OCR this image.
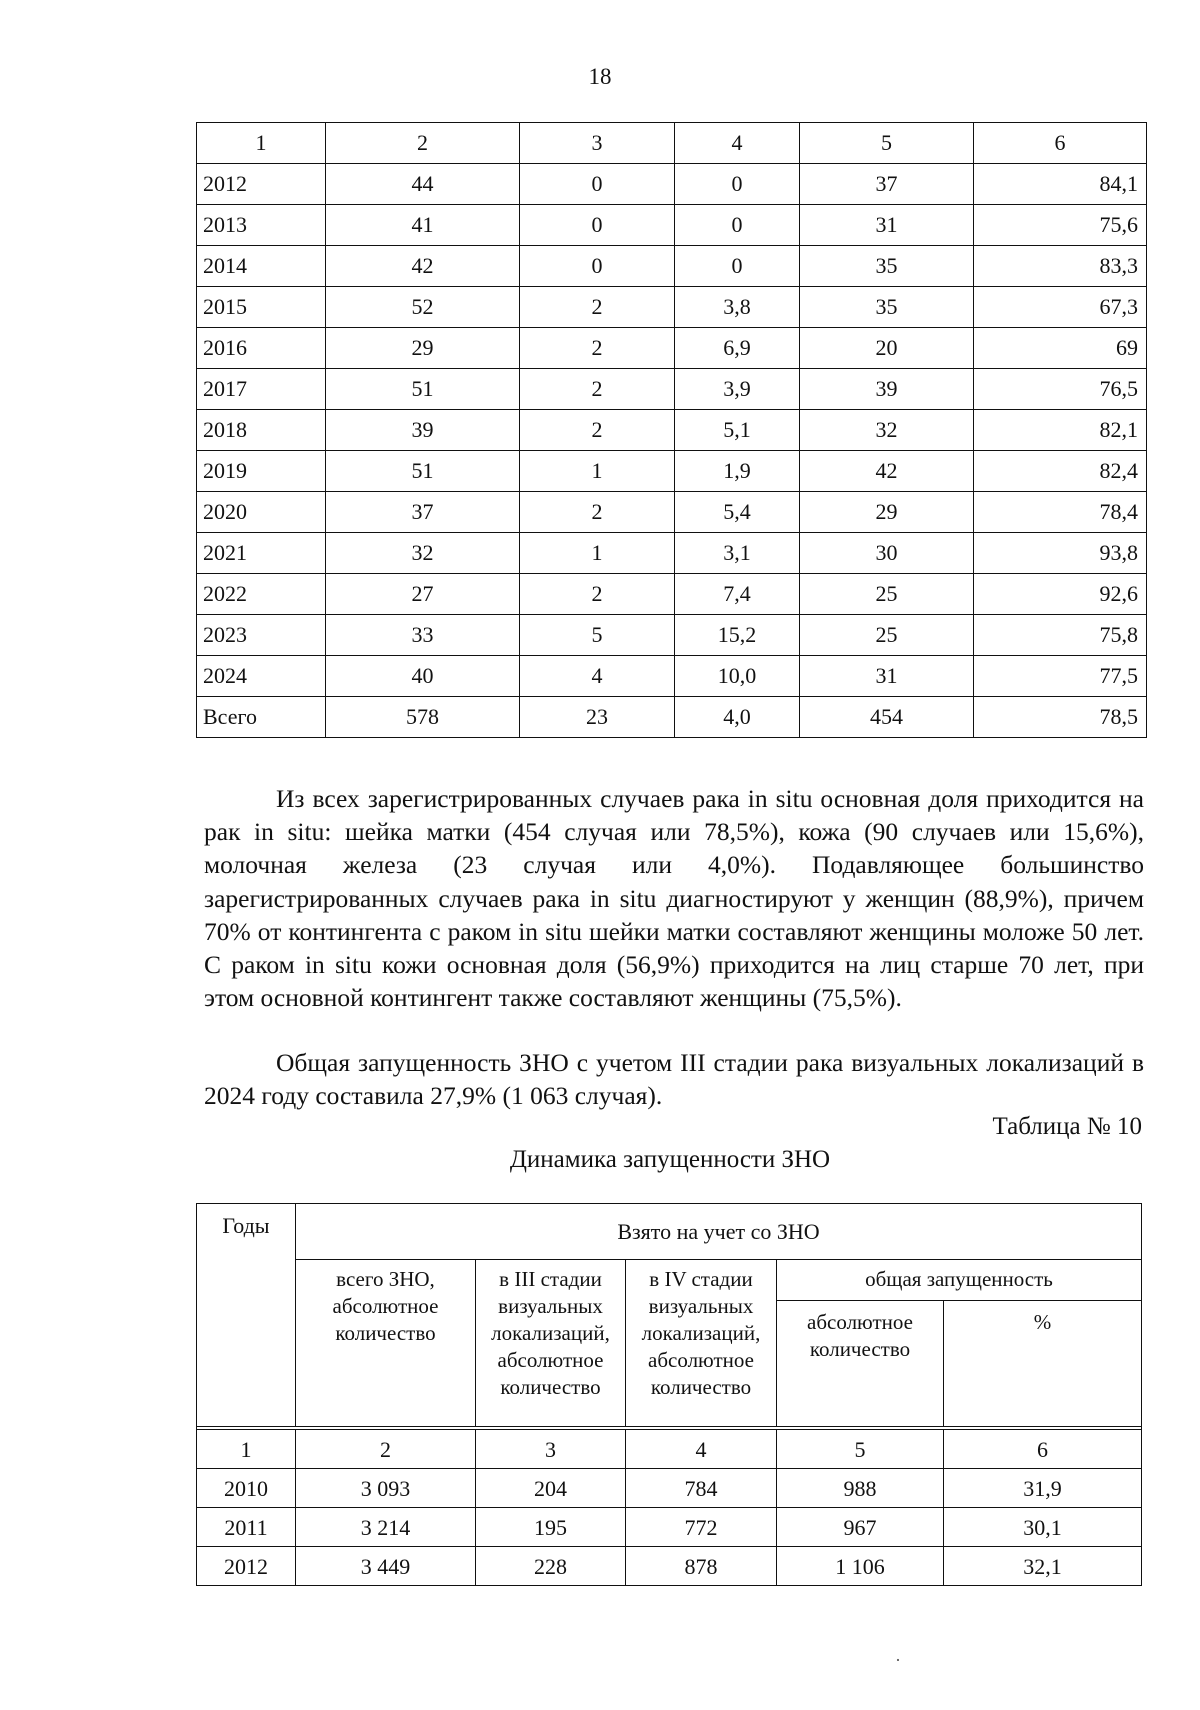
18
1	2	3	4	5	6
2012	44	0	0	37	84,1
2013	41	0	0	31	75,6
2014	42	0	0	35	83,3
2015	52	2	3,8	35	67,3
2016	29	2	6,9	20	69
2017	51	2	3,9	39	76,5
2018	39	2	5,1	32	82,1
2019	51	1	1,9	42	82,4
2020	37	2	5,4	29	78,4
2021	32	1	3,1	30	93,8
2022	27	2	7,4	25	92,6
2023	33	5	15,2	25	75,8
2024	40	4	10,0	31	77,5
Всего	578	23	4,0	454	78,5

Из всех зарегистрированных случаев рака in situ основная доля приходится на рак in situ: шейка матки (454 случая или 78,5%), кожа (90 случаев или 15,6%), молочная железа (23 случая или 4,0%). Подавляющее большинство зарегистрированных случаев рака in situ диагностируют у женщин (88,9%), причем 70% от контингента с раком in situ шейки матки составляют женщины моложе 50 лет. С раком in situ кожи основная доля (56,9%) приходится на лиц старше 70 лет, при этом основной контингент также составляют женщины (75,5%).

Общая запущенность ЗНО с учетом III стадии рака визуальных локализаций в 2024 году составила 27,9% (1 063 случая).

Таблица № 10
Динамика запущенности ЗНО
Годы	Взято на учет со ЗНО				
	всего ЗНО, абсолютное количество	в III стадии визуальных локализаций, абсолютное количество	в IV стадии визуальных локализаций, абсолютное количество	общая запущенность	
				абсолютное количество	%

1	2	3	4	5	6
2010	3 093	204	784	988	31,9
2011	3 214	195	772	967	30,1
2012	3 449	228	878	1 106	32,1
·
